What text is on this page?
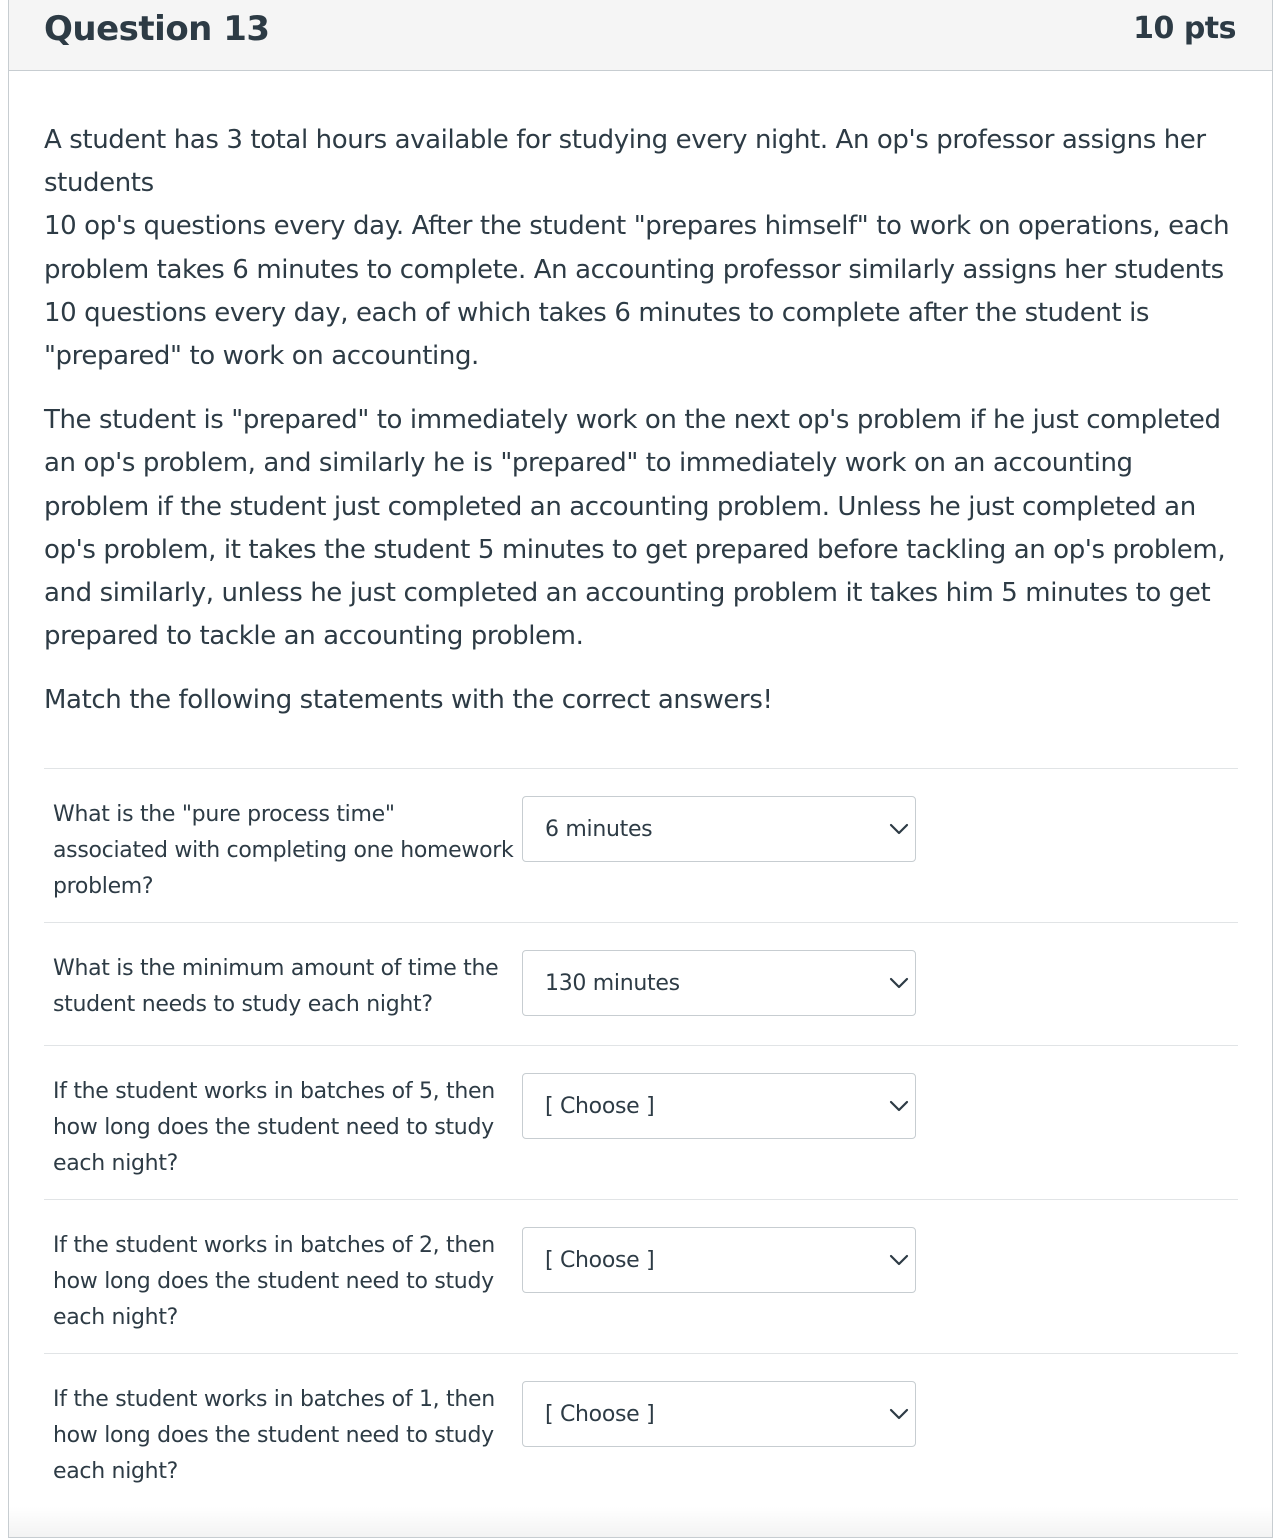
Question 13	10 pts

A student has 3 total hours available for studying every night. An op's professor assigns her
students
10 op's questions every day. After the student "prepares himself" to work on operations, each problem takes 6 minutes to complete. An accounting professor similarly assigns her students 10 questions every day, each of which takes 6 minutes to complete after the student is "prepared" to work on accounting.

The student is "prepared" to immediately work on the next op's problem if he just completed an op's problem, and similarly he is "prepared" to immediately work on an accounting problem if the student just completed an accounting problem. Unless he just completed an op's problem, it takes the student 5 minutes to get prepared before tackling an op's problem, and similarly, unless he just completed an accounting problem it takes him 5 minutes to get prepared to tackle an accounting problem.

Match the following statements with the correct answers!

What is the "pure process time" associated with completing one homework problem?
6 minutes
What is the minimum amount of time the student needs to study each night?
130 minutes
If the student works in batches of 5, then how long does the student need to study each night?
[ Choose ]
If the student works in batches of 2, then how long does the student need to study each night?
[ Choose ]
If the student works in batches of 1, then how long does the student need to study each night?
[ Choose ]
